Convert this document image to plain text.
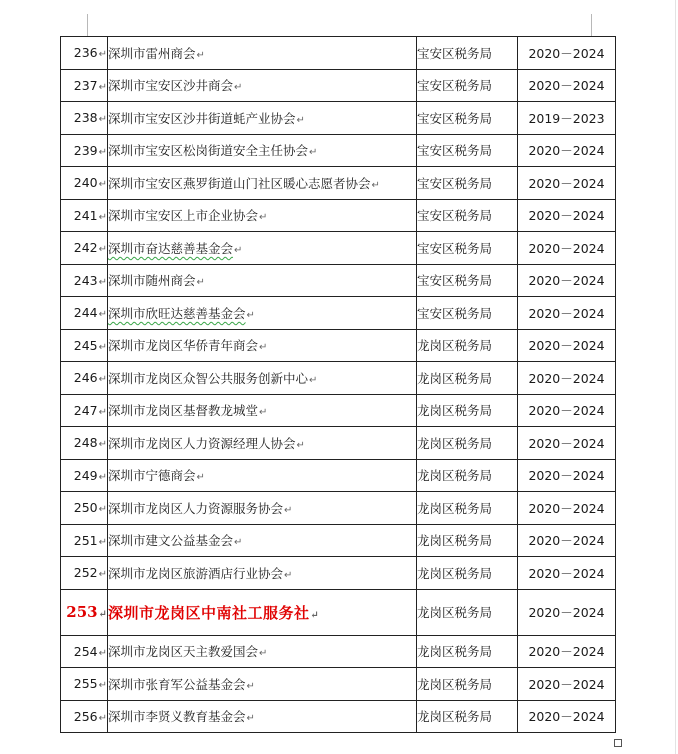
236↵	深圳市雷州商会↵	宝安区税务局	2020－2024
237↵	深圳市宝安区沙井商会↵	宝安区税务局	2020－2024
238↵	深圳市宝安区沙井街道蚝产业协会↵	宝安区税务局	2019－2023
239↵	深圳市宝安区松岗街道安全主任协会↵	宝安区税务局	2020－2024
240↵	深圳市宝安区燕罗街道山门社区暖心志愿者协会↵	宝安区税务局	2020－2024
241↵	深圳市宝安区上市企业协会↵	宝安区税务局	2020－2024
242↵	深圳市奋达慈善基金会↵	宝安区税务局	2020－2024
243↵	深圳市随州商会↵	宝安区税务局	2020－2024
244↵	深圳市欣旺达慈善基金会↵	宝安区税务局	2020－2024
245↵	深圳市龙岗区华侨青年商会↵	龙岗区税务局	2020－2024
246↵	深圳市龙岗区众智公共服务创新中心↵	龙岗区税务局	2020－2024
247↵	深圳市龙岗区基督教龙城堂↵	龙岗区税务局	2020－2024
248↵	深圳市龙岗区人力资源经理人协会↵	龙岗区税务局	2020－2024
249↵	深圳市宁德商会↵	龙岗区税务局	2020－2024
250↵	深圳市龙岗区人力资源服务协会↵	龙岗区税务局	2020－2024
251↵	深圳市建文公益基金会↵	龙岗区税务局	2020－2024
252↵	深圳市龙岗区旅游酒店行业协会↵	龙岗区税务局	2020－2024
253↵	深圳市龙岗区中南社工服务社↵	龙岗区税务局	2020－2024
254↵	深圳市龙岗区天主教爱国会↵	龙岗区税务局	2020－2024
255↵	深圳市张育军公益基金会↵	龙岗区税务局	2020－2024
256↵	深圳市李贤义教育基金会↵	龙岗区税务局	2020－2024
